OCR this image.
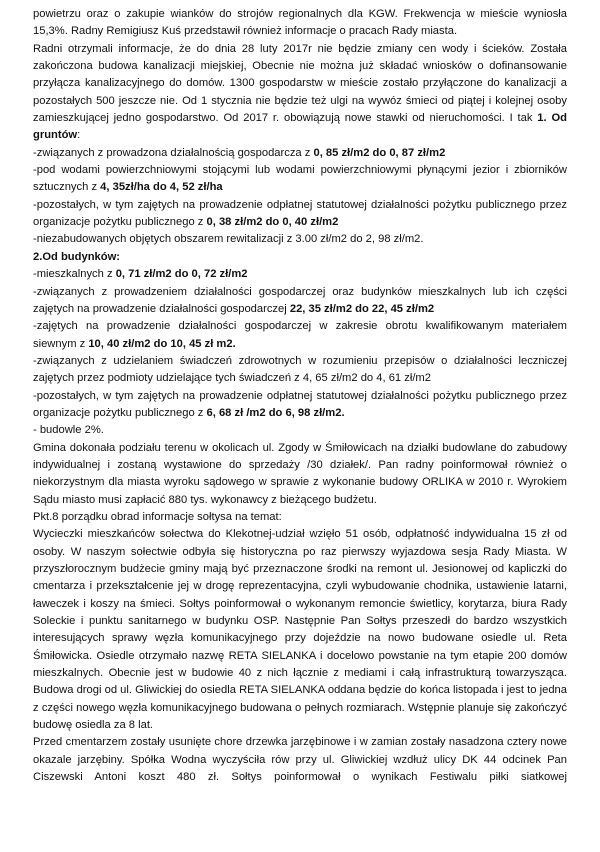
powietrzu oraz o zakupie wianków do strojów regionalnych dla KGW. Frekwencja w mieście wyniosła 15,3%. Radny Remigiusz Kuś przedstawił również informacje o pracach Rady miasta.

Radni otrzymali informacje, że do dnia 28 luty 2017r nie będzie zmiany cen wody i ścieków. Została zakończona budowa kanalizacji miejskiej, Obecnie nie można już składać wniosków o dofinansowanie przyłącza kanalizacyjnego do domów. 1300 gospodarstw w mieście zostało przyłączone do kanalizacji a pozostałych 500 jeszcze nie. Od 1 stycznia nie będzie też ulgi na wywóz śmieci od piątej i kolejnej osoby zamieszkującej jedno gospodarstwo. Od 2017 r. obowiązują nowe stawki od nieruchomości. I tak 1. Od gruntów:

-związanych z prowadzona działalnością gospodarcza z 0, 85 zł/m2 do 0, 87 zł/m2

-pod wodami powierzchniowymi stojącymi lub wodami powierzchniowymi płynącymi jezior i zbiorników sztucznych z 4, 35zł/ha do 4, 52 zł/ha

-pozostałych, w tym zajętych na prowadzenie odpłatnej statutowej działalności pożytku publicznego przez organizacje pożytku publicznego z 0, 38 zł/m2 do 0, 40 zł/m2

-niezabudowanych objętych obszarem rewitalizacji z 3.00 zł/m2 do 2, 98 zł/m2.

2.Od budynków:

-mieszkalnych z 0, 71 zł/m2 do 0, 72 zł/m2

-związanych z prowadzeniem działalności gospodarczej oraz budynków mieszkalnych lub ich części zajętych na prowadzenie działalności gospodarczej 22, 35 zł/m2 do 22, 45 zł/m2

-zajętych na prowadzenie działalności gospodarczej w zakresie obrotu kwalifikowanym materiałem siewnym z 10, 40 zł/m2 do 10, 45 zł m2.

-związanych z udzielaniem świadczeń zdrowotnych w rozumieniu przepisów o działalności leczniczej zajętych przez podmioty udzielające tych świadczeń z 4, 65 zł/m2 do 4, 61 zł/m2

-pozostałych, w tym zajętych na prowadzenie odpłatnej statutowej działalności pożytku publicznego przez organizacje pożytku publicznego z 6, 68 zł /m2 do 6, 98 zł/m2.

- budowle 2%.

Gmina dokonała podziału terenu w okolicach ul. Zgody w Śmiłowicach na działki budowlane do zabudowy indywidualnej i zostaną wystawione do sprzedaży /30 działek/. Pan radny poinformował również o niekorzystnym dla miasta wyroku sądowego w sprawie z wykonanie budowy ORLIKA w 2010 r. Wyrokiem Sądu miasto musi zapłacić 880 tys. wykonawcy z bieżącego budżetu.

Pkt.8 porządku obrad informacje sołtysa na temat:

Wycieczki mieszkańców sołectwa do Klekotnej-udział wzięło 51 osób, odpłatność indywidualna 15 zł od osoby. W naszym sołectwie odbyła się historyczna po raz pierwszy wyjazdowa sesja Rady Miasta. W przyszłorocznym budżecie gminy mają być przeznaczone środki na remont ul. Jesionowej od kapliczki do cmentarza i przekształcenie jej w drogę reprezentacyjna, czyli wybudowanie chodnika, ustawienie latarni, ławeczek i koszy na śmieci. Sołtys poinformował o wykonanym remoncie świetlicy, korytarza, biura Rady Soleckie i punktu sanitarnego w budynku OSP. Następnie Pan Sołtys przeszedł do bardzo wszystkich interesujących sprawy węzła komunikacyjnego przy dojeździe na nowo budowane osiedle ul. Reta Śmiłowicka. Osiedle otrzymało nazwę RETA SIELANKA i docelowo powstanie na tym etapie 200 domów mieszkalnych. Obecnie jest w budowie 40 z nich łącznie z mediami i całą infrastrukturą towarzysząca. Budowa drogi od ul. Gliwickiej do osiedla RETA SIELANKA oddana będzie do końca listopada i jest to jedna z części nowego węzła komunikacyjnego budowana o pełnych rozmiarach. Wstępnie planuje się zakończyć budowę osiedla za 8 lat.

Przed cmentarzem zostały usunięte chore drzewka jarzębinowe i w zamian zostały nasadzona cztery nowe okazale jarzębiny. Spółka Wodna wyczyściła rów przy ul. Gliwickiej wzdłuż ulicy DK 44 odcinek Pan Ciszewski Antoni koszt 480 zł. Sołtys poinformował o wynikach Festiwalu piłki siatkowej
